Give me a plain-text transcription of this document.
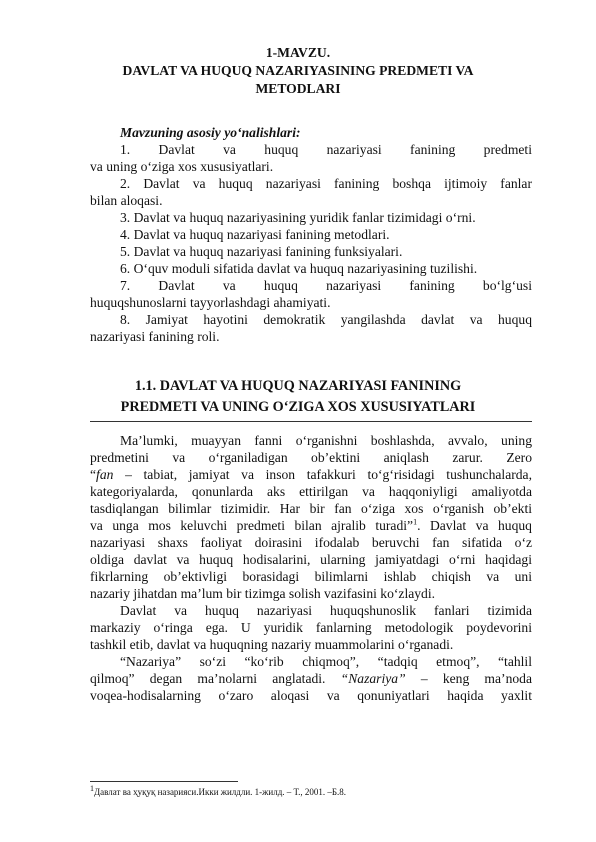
1-MAVZU.
DAVLAT VA HUQUQ NAZARIYASINING PREDMETI VA
METODLARI
Mavzuning asosiy yo‘nalishlari:
1. Davlat va huquq nazariyasi fanining predmeti
va uning o‘ziga xos xususiyatlari.
2. Davlat va huquq nazariyasi fanining boshqa ijtimoiy fanlar
bilan aloqasi.
3. Davlat va huquq nazariyasining yuridik fanlar tizimidagi o‘rni.
4. Davlat va huquq nazariyasi fanining metodlari.
5. Davlat va huquq nazariyasi fanining funksiyalari.
6. O‘quv moduli sifatida davlat va huquq nazariyasining tuzilishi.
7. Davlat va huquq nazariyasi fanining bo‘lg‘usi
huquqshunoslarni tayyorlashdagi ahamiyati.
8. Jamiyat hayotini demokratik yangilashda davlat va huquq
nazariyasi fanining roli.
1.1. DAVLAT VA HUQUQ NAZARIYASI FANINING
PREDMETI VA UNING O‘ZIGA XOS XUSUSIYATLARI
Ma’lumki, muayyan fanni o‘rganishni boshlashda, avvalo, uning
predmetini va o‘rganiladigan ob’ektini aniqlash zarur. Zero
“fan – tabiat, jamiyat va inson tafakkuri to‘g‘risidagi tushunchalarda,
kategoriyalarda, qonunlarda aks ettirilgan va haqqoniyligi amaliyotda
tasdiqlangan bilimlar tizimidir. Har bir fan o‘ziga xos o‘rganish ob’ekti
va unga mos keluvchi predmeti bilan ajralib turadi”$^1$. Davlat va huquq
nazariyasi shaxs faoliyat doirasini ifodalab beruvchi fan sifatida o‘z
oldiga davlat va huquq hodisalarini, ularning jamiyatdagi o‘rni haqidagi
fikrlarning ob’ektivligi borasidagi bilimlarni ishlab chiqish va uni
nazariy jihatdan ma’lum bir tizimga solish vazifasini ko‘zlaydi.
Davlat va huquq nazariyasi huquqshunoslik fanlari tizimida
markaziy o‘ringa ega. U yuridik fanlarning metodologik poydevorini
tashkil etib, davlat va huquqning nazariy muammolarini o‘rganadi.
“Nazariya” so‘zi “ko‘rib chiqmoq”, “tadqiq etmoq”, “tahlil
qilmoq” degan ma’nolarni anglatadi. “Nazariya” – keng ma’noda
voqea-hodisalarning o‘zaro aloqasi va qonuniyatlari haqida yaxlit
$^1$Давлат ва ҳуқуқ назарияси.Икки жилдли. 1-жилд. – Т., 2001. –Б.8.
